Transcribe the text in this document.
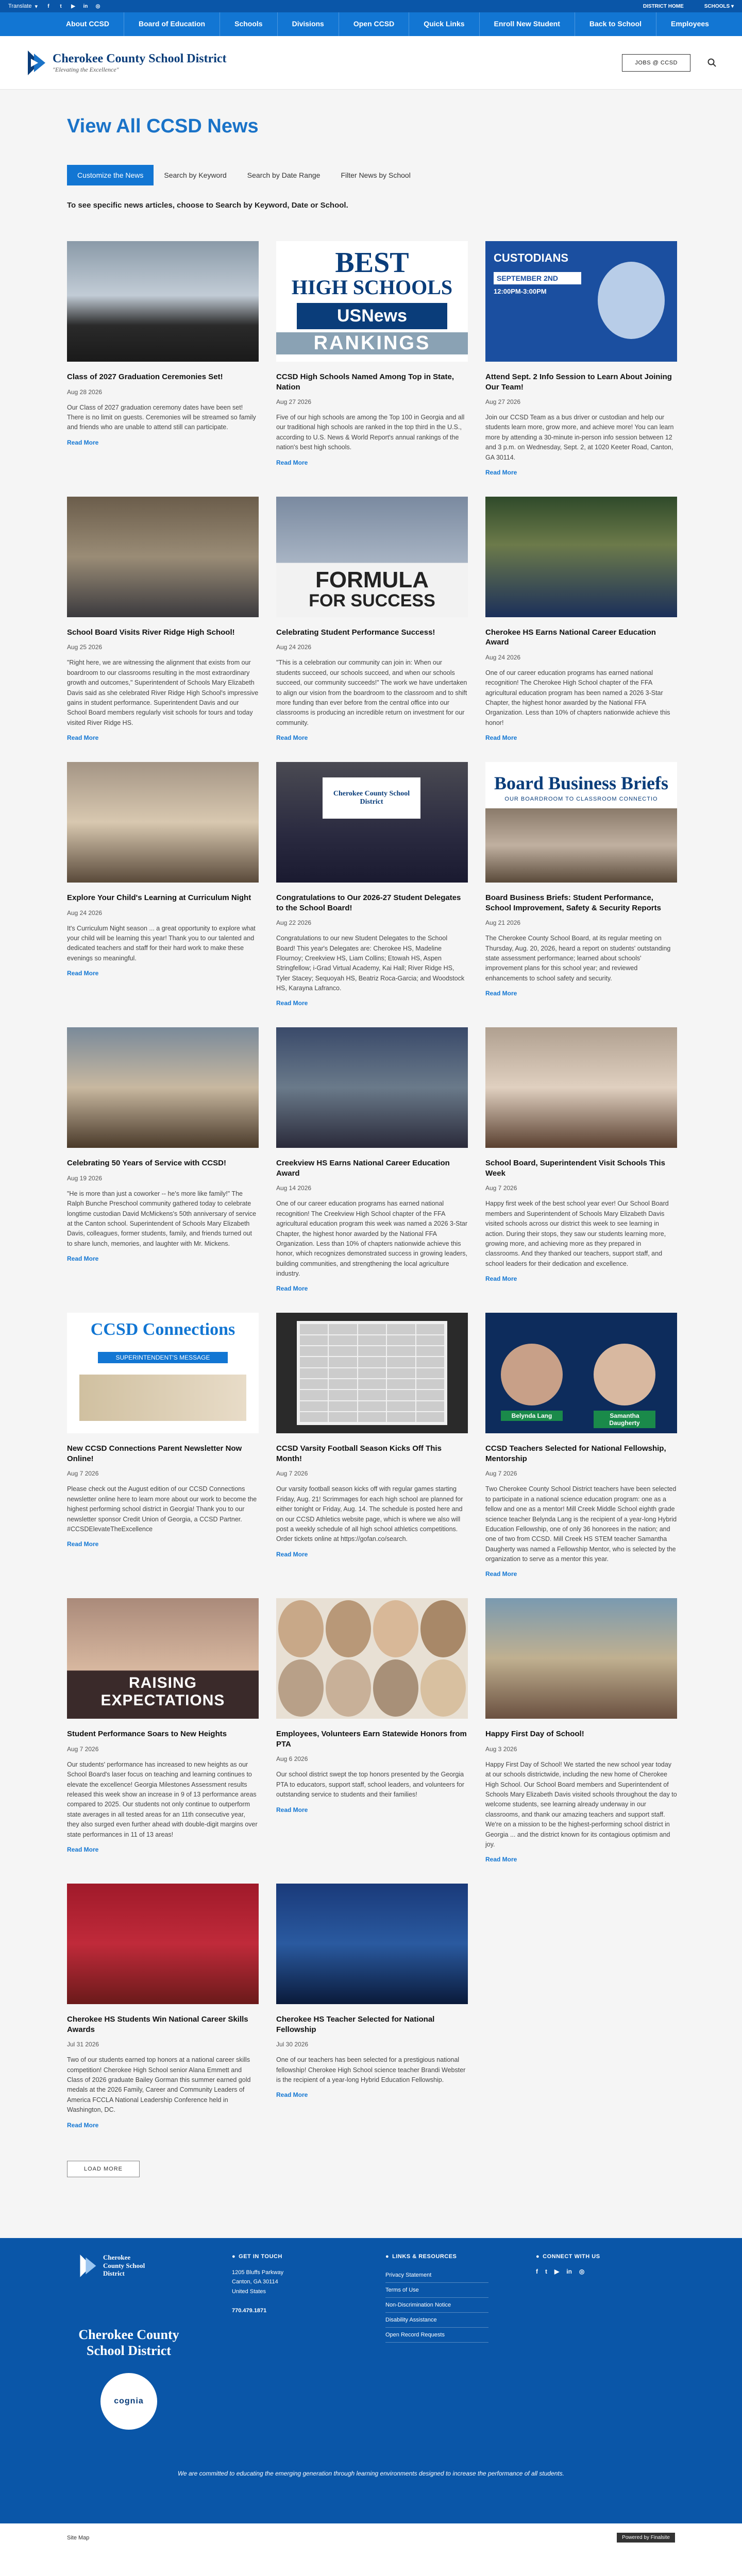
Translate ▾	f	t	▶	in ◎	DISTRICT HOME	SCHOOLS ▾
About CCSD	Board of Education	Schools	Divisions	Open CCSD	Quick Links	Enroll New Student	Back to School	Employees
Cherokee County School District
"Elevating the Excellence"
JOBS @ CCSD
View All CCSD News
Customize the News	Search by Keyword	Search by Date Range	Filter News by School
To see specific news articles, choose to Search by Keyword, Date or School.
Class of 2027 Graduation Ceremonies Set!
Aug 28 2026

Our Class of 2027 graduation ceremony dates have been set! There is no limit on guests. Ceremonies will be streamed so family and friends who are unable to attend still can participate.

Read More
BEST
HIGH SCHOOLS
USNews
RANKINGS
CCSD High Schools Named Among Top in State, Nation
Aug 27 2026

Five of our high schools are among the Top 100 in Georgia and all our traditional high schools are ranked in the top third in the U.S., according to U.S. News & World Report's annual rankings of the nation's best high schools.

Read More
CUSTODIANS
SEPTEMBER 2ND
12:00PM-3:00PM
Attend Sept. 2 Info Session to Learn About Joining Our Team!
Aug 27 2026

Join our CCSD Team as a bus driver or custodian and help our students learn more, grow more, and achieve more! You can learn more by attending a 30-minute in-person info session between 12 and 3 p.m. on Wednesday, Sept. 2, at 1020 Keeter Road, Canton, GA 30114.

Read More
School Board Visits River Ridge High School!
Aug 25 2026

"Right here, we are witnessing the alignment that exists from our boardroom to our classrooms resulting in the most extraordinary growth and outcomes," Superintendent of Schools Mary Elizabeth Davis said as she celebrated River Ridge High School's impressive gains in student performance. Superintendent Davis and our School Board members regularly visit schools for tours and today visited River Ridge HS.

Read More
FORMULA
FOR SUCCESS
Celebrating Student Performance Success!
Aug 24 2026

"This is a celebration our community can join in: When our students succeed, our schools succeed, and when our schools succeed, our community succeeds!" The work we have undertaken to align our vision from the boardroom to the classroom and to shift more funding than ever before from the central office into our classrooms is producing an incredible return on investment for our community.

Read More
Cherokee HS Earns National Career Education Award
Aug 24 2026

One of our career education programs has earned national recognition! The Cherokee High School chapter of the FFA agricultural education program has been named a 2026 3-Star Chapter, the highest honor awarded by the National FFA Organization. Less than 10% of chapters nationwide achieve this honor!

Read More
Explore Your Child's Learning at Curriculum Night
Aug 24 2026

It's Curriculum Night season ... a great opportunity to explore what your child will be learning this year! Thank you to our talented and dedicated teachers and staff for their hard work to make these evenings so meaningful.

Read More
Cherokee County School District
Congratulations to Our 2026-27 Student Delegates to the School Board!
Aug 22 2026

Congratulations to our new Student Delegates to the School Board! This year's Delegates are: Cherokee HS, Madeline Flournoy; Creekview HS, Liam Collins; Etowah HS, Aspen Stringfellow; i-Grad Virtual Academy, Kai Hall; River Ridge HS, Tyler Stacey; Sequoyah HS, Beatriz Roca-Garcia; and Woodstock HS, Karayna Lafranco.

Read More
Board Business Briefs
OUR BOARDROOM TO CLASSROOM CONNECTIO
Board Business Briefs: Student Performance, School Improvement, Safety & Security Reports
Aug 21 2026

The Cherokee County School Board, at its regular meeting on Thursday, Aug. 20, 2026, heard a report on students' outstanding state assessment performance; learned about schools' improvement plans for this school year; and reviewed enhancements to school safety and security.

Read More
Celebrating 50 Years of Service with CCSD!
Aug 19 2026

"He is more than just a coworker -- he's more like family!" The Ralph Bunche Preschool community gathered today to celebrate longtime custodian David McMickens's 50th anniversary of service at the Canton school. Superintendent of Schools Mary Elizabeth Davis, colleagues, former students, family, and friends turned out to share lunch, memories, and laughter with Mr. Mickens.

Read More
Creekview HS Earns National Career Education Award
Aug 14 2026

One of our career education programs has earned national recognition! The Creekview High School chapter of the FFA agricultural education program this week was named a 2026 3-Star Chapter, the highest honor awarded by the National FFA Organization. Less than 10% of chapters nationwide achieve this honor, which recognizes demonstrated success in growing leaders, building communities, and strengthening the local agriculture industry.

Read More
School Board, Superintendent Visit Schools This Week
Aug 7 2026

Happy first week of the best school year ever! Our School Board members and Superintendent of Schools Mary Elizabeth Davis visited schools across our district this week to see learning in action. During their stops, they saw our students learning more, growing more, and achieving more as they prepared in classrooms. And they thanked our teachers, support staff, and school leaders for their dedication and excellence.

Read More
CCSD Connections
SUPERINTENDENT'S MESSAGE
New CCSD Connections Parent Newsletter Now Online!
Aug 7 2026

Please check out the August edition of our CCSD Connections newsletter online here to learn more about our work to become the highest performing school district in Georgia! Thank you to our newsletter sponsor Credit Union of Georgia, a CCSD Partner. #CCSDElevateTheExcellence

Read More
CCSD Varsity Football Season Kicks Off This Month!
Aug 7 2026

Our varsity football season kicks off with regular games starting Friday, Aug. 21! Scrimmages for each high school are planned for either tonight or Friday, Aug. 14. The schedule is posted here and on our CCSD Athletics website page, which is where we also will post a weekly schedule of all high school athletics competitions. Order tickets online at https://gofan.co/search.

Read More
Belynda Lang	Samantha Daugherty
CCSD Teachers Selected for National Fellowship, Mentorship
Aug 7 2026

Two Cherokee County School District teachers have been selected to participate in a national science education program: one as a fellow and one as a mentor! Mill Creek Middle School eighth grade science teacher Belynda Lang is the recipient of a year-long Hybrid Education Fellowship, one of only 36 honorees in the nation; and one of two from CCSD. Mill Creek HS STEM teacher Samantha Daugherty was named a Fellowship Mentor, who is selected by the organization to serve as a mentor this year.

Read More
RAISING EXPECTATIONS
Student Performance Soars to New Heights
Aug 7 2026

Our students' performance has increased to new heights as our School Board's laser focus on teaching and learning continues to elevate the excellence! Georgia Milestones Assessment results released this week show an increase in 9 of 13 performance areas compared to 2025. Our students not only continue to outperform state averages in all tested areas for an 11th consecutive year, they also surged even further ahead with double-digit margins over state performances in 11 of 13 areas!

Read More
Employees, Volunteers Earn Statewide Honors from PTA
Aug 6 2026

Our school district swept the top honors presented by the Georgia PTA to educators, support staff, school leaders, and volunteers for outstanding service to students and their families!

Read More
Happy First Day of School!
Aug 3 2026

Happy First Day of School! We started the new school year today at our schools districtwide, including the new home of Cherokee High School. Our School Board members and Superintendent of Schools Mary Elizabeth Davis visited schools throughout the day to welcome students, see learning already underway in our classrooms, and thank our amazing teachers and support staff. We're on a mission to be the highest-performing school district in Georgia ... and the district known for its contagious optimism and joy.

Read More
Cherokee HS Students Win National Career Skills Awards
Jul 31 2026

Two of our students earned top honors at a national career skills competition! Cherokee High School senior Alana Emmett and Class of 2026 graduate Bailey Gorman this summer earned gold medals at the 2026 Family, Career and Community Leaders of America FCCLA National Leadership Conference held in Washington, DC.

Read More
Cherokee HS Teacher Selected for National Fellowship
Jul 30 2026

One of our teachers has been selected for a prestigious national fellowship! Cherokee High School science teacher Brandi Webster is the recipient of a year-long Hybrid Education Fellowship.

Read More
LOAD MORE
Cherokee County School District
Cherokee County School District
cognia
● GET IN TOUCH
1205 Bluffs Parkway
Canton, GA 30114
United States
770.479.1871
● LINKS & RESOURCES
Privacy Statement
Terms of Use
Non-Discrimination Notice
Disability Assistance
Open Record Requests
● CONNECT WITH US
f t ▶ in ◎
We are committed to educating the emerging generation through learning environments designed to increase the performance of all students.
Site Map	Powered by Finalsite
